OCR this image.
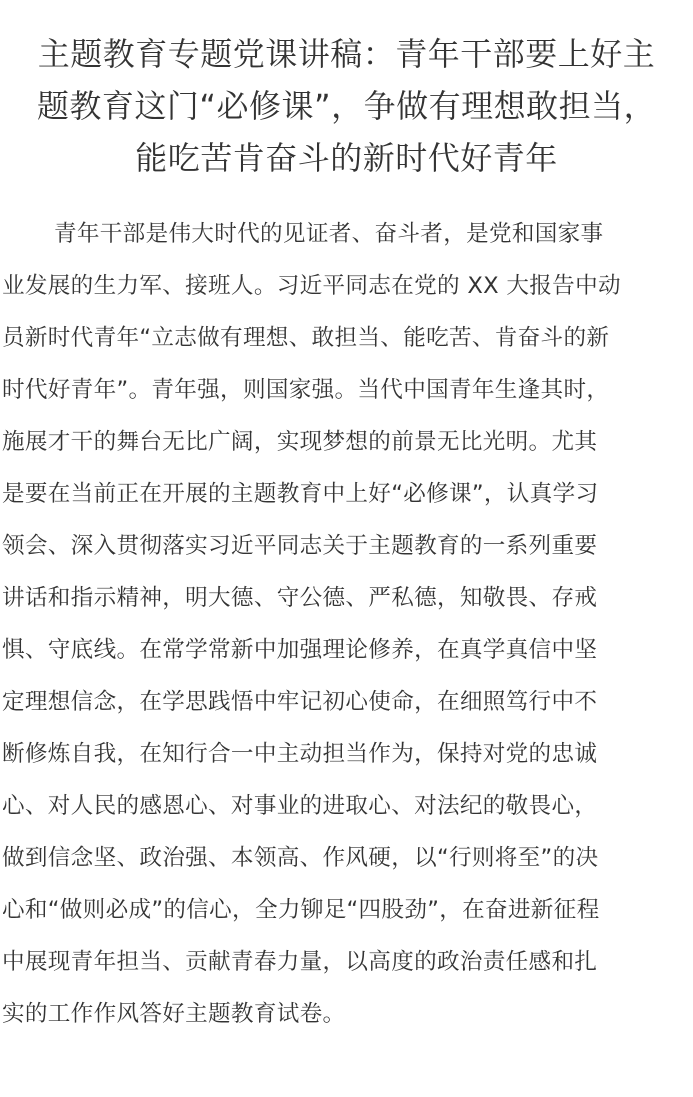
主题教育专题党课讲稿：青年干部要上好主
题教育这门“必修课”，争做有理想敢担当，
能吃苦肯奋斗的新时代好青年

青年干部是伟大时代的见证者、奋斗者，是党和国家事
业发展的生力军、接班人。习近平同志在党的 XX 大报告中动
员新时代青年“立志做有理想、敢担当、能吃苦、肯奋斗的新
时代好青年”。青年强，则国家强。当代中国青年生逢其时，
施展才干的舞台无比广阔，实现梦想的前景无比光明。尤其
是要在当前正在开展的主题教育中上好“必修课”，认真学习
领会、深入贯彻落实习近平同志关于主题教育的一系列重要
讲话和指示精神，明大德、守公德、严私德，知敬畏、存戒
惧、守底线。在常学常新中加强理论修养，在真学真信中坚
定理想信念，在学思践悟中牢记初心使命，在细照笃行中不
断修炼自我，在知行合一中主动担当作为，保持对党的忠诚
心、对人民的感恩心、对事业的进取心、对法纪的敬畏心，
做到信念坚、政治强、本领高、作风硬，以“行则将至”的决
心和“做则必成”的信心，全力铆足“四股劲”，在奋进新征程
中展现青年担当、贡献青春力量，以高度的政治责任感和扎
实的工作作风答好主题教育试卷。
